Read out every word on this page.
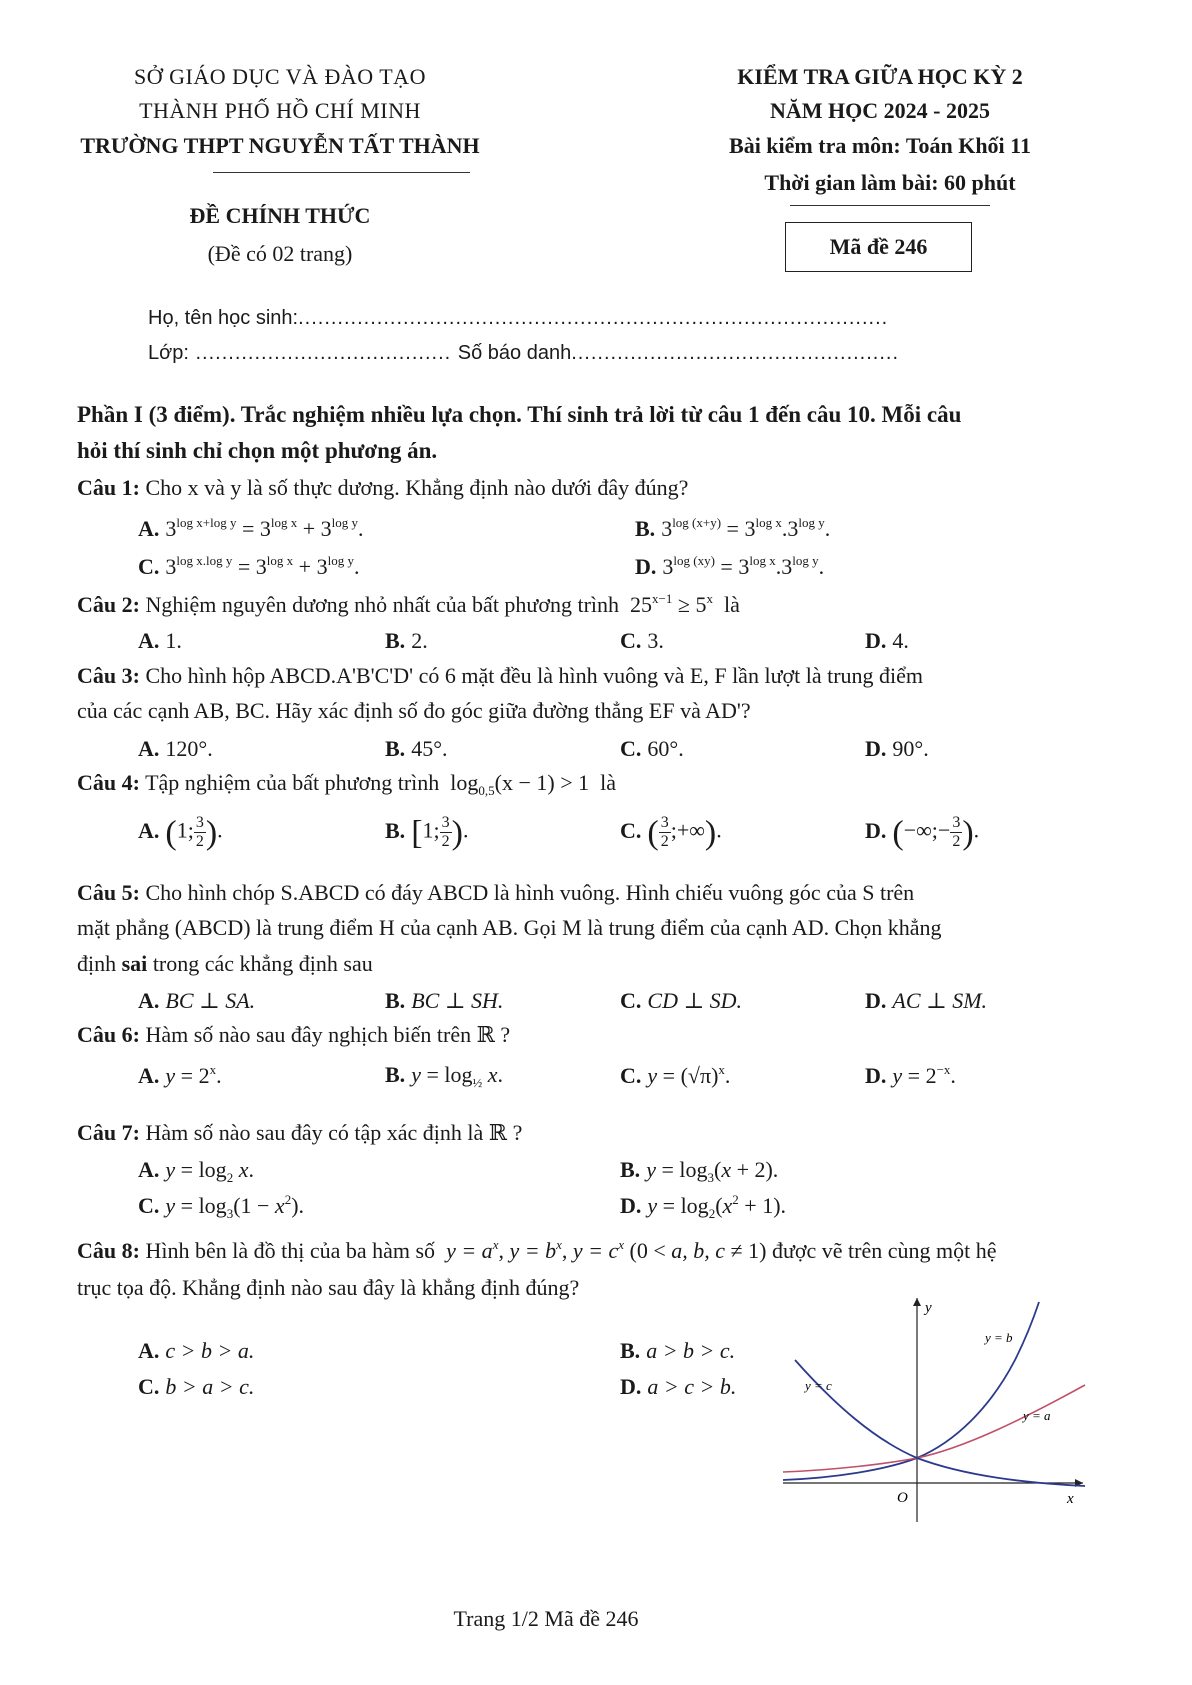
SỞ GIÁO DỤC VÀ ĐÀO TẠO
THÀNH PHỐ HỒ CHÍ MINH
TRƯỜNG THPT NGUYỄN TẤT THÀNH
ĐỀ CHÍNH THỨC
(Đề có 02 trang)
KIỂM TRA GIỮA HỌC KỲ 2
NĂM HỌC 2024 - 2025
Bài kiểm tra môn: Toán Khối 11
Thời gian làm bài: 60 phút
Mã đề 246
Họ, tên học sinh:..........................................................................................
Lớp: ....................................... Số báo danh..................................................
Phần I (3 điểm). Trắc nghiệm nhiều lựa chọn. Thí sinh trả lời từ câu 1 đến câu 10. Mỗi câu
hỏi thí sinh chỉ chọn một phương án.
Câu 1: Cho x và y là số thực dương. Khẳng định nào dưới đây đúng?
A. $3^{log x+log y} = 3^{log x} + 3^{log y}$.	B. $3^{log (x+y)} = 3^{log x}.3^{log y}$.
C. $3^{log x.log y} = 3^{log x} + 3^{log y}$.	D. $3^{log (xy)} = 3^{log x}.3^{log y}$.
Câu 2: Nghiệm nguyên dương nhỏ nhất của bất phương trình  $25^{x-1} \ge 5^x$ là
A. 1.	B. 2.	C. 3.	D. 4.
Câu 3: Cho hình hộp ABCD.A'B'C'D' có 6 mặt đều là hình vuông và E, F lần lượt là trung điểm
của các cạnh AB, BC. Hãy xác định số đo góc giữa đường thẳng EF và AD'?
A. 120°.	B. 45°.	C. 60°.	D. 90°.
Câu 4: Tập nghiệm của bất phương trình  $\log_{0,5}(x - 1) > 1$  là
A. (1; $\frac{3}{2}$ ).	B. [1; $\frac{3}{2}$ ).	C. ( $\frac{3}{2}$ ;+∞).	D. (−∞;− $\frac{3}{2}$ ).
Câu 5: Cho hình chóp S.ABCD có đáy ABCD là hình vuông. Hình chiếu vuông góc của S trên
mặt phẳng (ABCD) là trung điểm H của cạnh AB. Gọi M là trung điểm của cạnh AD. Chọn khẳng
định sai trong các khẳng định sau
A. BC ⊥ SA.	B. BC ⊥ SH.	C. CD ⊥ SD.	D. AC ⊥ SM.
Câu 6: Hàm số nào sau đây nghịch biến trên ℝ ?
A. $y = 2^x$.	B. $y = \log_{\frac{1}{2}} x$.	C. $y = (√\pi)^x$.	D. $y = 2^{-x}$.
Câu 7: Hàm số nào sau đây có tập xác định là ℝ ?
A. $y = \log_2 x$.	B. $y = \log_3(x + 2)$.
C. $y = \log_3(1 - x^2)$.	D. $y = \log_2(x^2 + 1)$.
Câu 8: Hình bên là đồ thị của ba hàm số $y = a^x$, $y = b^x$, $y = c^x$ (0 < a, b, c ≠ 1) được vẽ trên cùng một hệ
trục tọa độ. Khẳng định nào sau đây là khẳng định đúng?
A. c > b > a.	B. a > b > c.
C. b > a > c.	D. a > c > b.
y
x
O
y = b
y = c
y = a
Trang 1/2 Mã đề 246
